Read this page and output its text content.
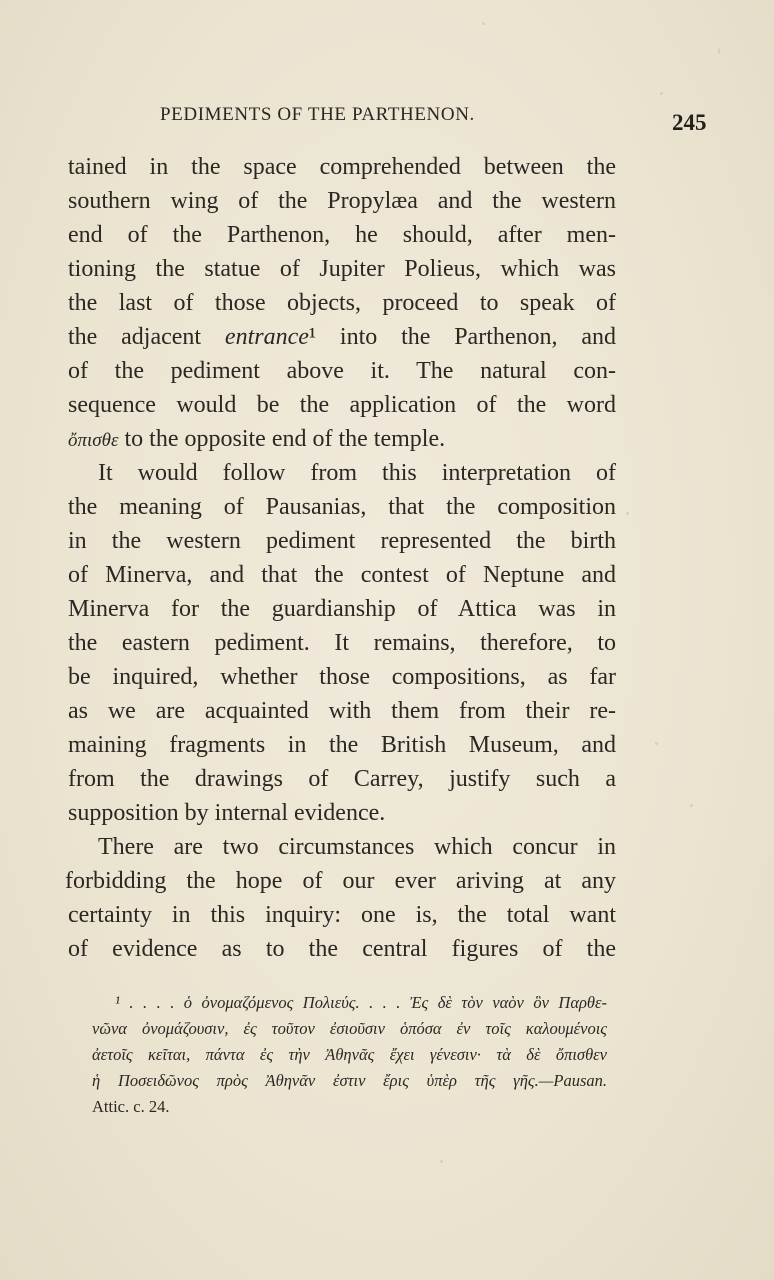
PEDIMENTS OF THE PARTHENON.	245
tained in the space comprehended between the
southern wing of the Propylæa and the western
end of the Parthenon, he should, after men-
tioning the statue of Jupiter Polieus, which was
the last of those objects, proceed to speak of
the adjacent entrance¹ into the Parthenon, and
of the pediment above it. The natural con-
sequence would be the application of the word
ὄπισθε to the opposite end of the temple.
It would follow from this interpretation of
the meaning of Pausanias, that the composition
in the western pediment represented the birth
of Minerva, and that the contest of Neptune and
Minerva for the guardianship of Attica was in
the eastern pediment. It remains, therefore, to
be inquired, whether those compositions, as far
as we are acquainted with them from their re-
maining fragments in the British Museum, and
from the drawings of Carrey, justify such a
supposition by internal evidence.
There are two circumstances which concur in
forbidding the hope of our ever ariving at any
certainty in this inquiry: one is, the total want
of evidence as to the central figures of the
¹ . . . . ὁ ὀνομαζόμενος Πολιεύς. . . . Ἐς δὲ τὸν ναὸν ὃν Παρθε-
νῶνα ὀνομάζουσιν, ἐς τοῦτον ἐσιοῦσιν ὁπόσα ἐν τοῖς καλουμένοις
ἀετοῖς κεῖται, πάντα ἐς τὴν Ἀθηνᾶς ἔχει γένεσιν· τὰ δὲ ὄπισθεν
ἡ Ποσειδῶνος πρὸς Ἀθηνᾶν ἐστιν ἔρις ὑπὲρ τῆς γῆς.—Pausan.
Attic. c. 24.
